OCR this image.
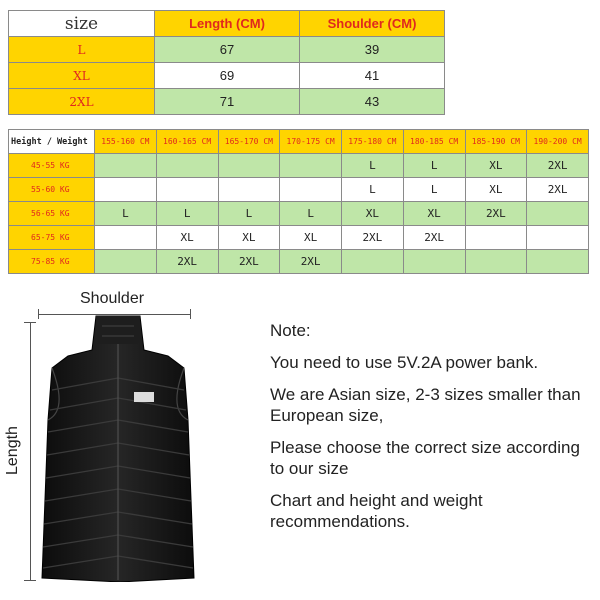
size	Length (CM)	Shoulder (CM)
L	67	39
XL	69	41
2XL	71	43
Height / Weight	155-160 CM	160-165 CM	165-170 CM	170-175 CM	175-180 CM	180-185 CM	185-190 CM	190-200 CM
45-55 KG					L	L	XL	2XL
55-60 KG					L	L	XL	2XL
56-65 KG	L	L	L	L	XL	XL	2XL	
65-75 KG		XL	XL	XL	2XL	2XL		
75-85 KG		2XL	2XL	2XL				
Shoulder
Length

Note:

You need to use 5V.2A power bank.

We are Asian size, 2-3 sizes smaller than European size,

Please choose the correct size according to our size

Chart and height and weight recommendations.
